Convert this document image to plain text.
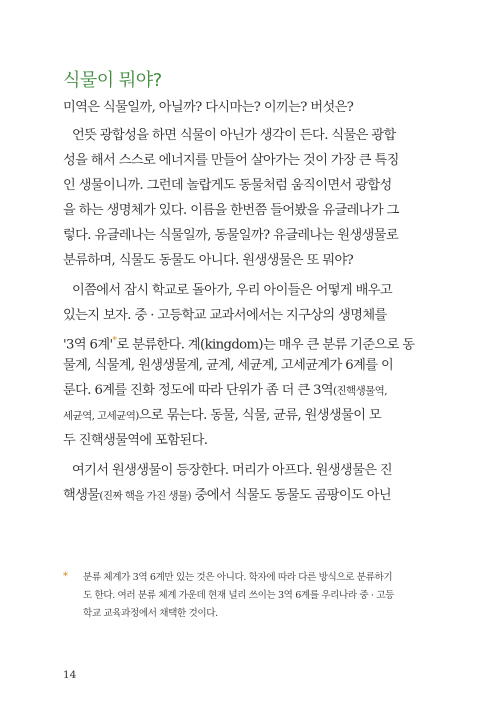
식물이 뭐야?
미역은 식물일까, 아닐까? 다시마는? 이끼는? 버섯은?
언뜻 광합성을 하면 식물이 아닌가 생각이 든다. 식물은 광합
성을 해서 스스로 에너지를 만들어 살아가는 것이 가장 큰 특징
인 생물이니까. 그런데 놀랍게도 동물처럼 움직이면서 광합성
을 하는 생명체가 있다. 이름을 한번쯤 들어봤을 유글레나가 그
렇다. 유글레나는 식물일까, 동물일까? 유글레나는 원생생물로
분류하며, 식물도 동물도 아니다. 원생생물은 또 뭐야?
이쯤에서 잠시 학교로 돌아가, 우리 아이들은 어떻게 배우고
있는지 보자. 중 · 고등학교 교과서에서는 지구상의 생명체를
'3역 6계'*로 분류한다. 계(kingdom)는 매우 큰 분류 기준으로 동
물계, 식물계, 원생생물계, 균계, 세균계, 고세균계가 6계를 이
룬다. 6계를 진화 정도에 따라 단위가 좀 더 큰 3역(진핵생물역,
세균역, 고세균역)으로 묶는다. 동물, 식물, 균류, 원생생물이 모
두 진핵생물역에 포함된다.
여기서 원생생물이 등장한다. 머리가 아프다. 원생생물은 진
핵생물(진짜 핵을 가진 생물) 중에서 식물도 동물도 곰팡이도 아닌
* 분류 체계가 3역 6계만 있는 것은 아니다. 학자에 따라 다른 방식으로 분류하기
도 한다. 여러 분류 체계 가운데 현재 널리 쓰이는 3역 6계를 우리나라 중 · 고등
학교 교육과정에서 채택한 것이다.
14
